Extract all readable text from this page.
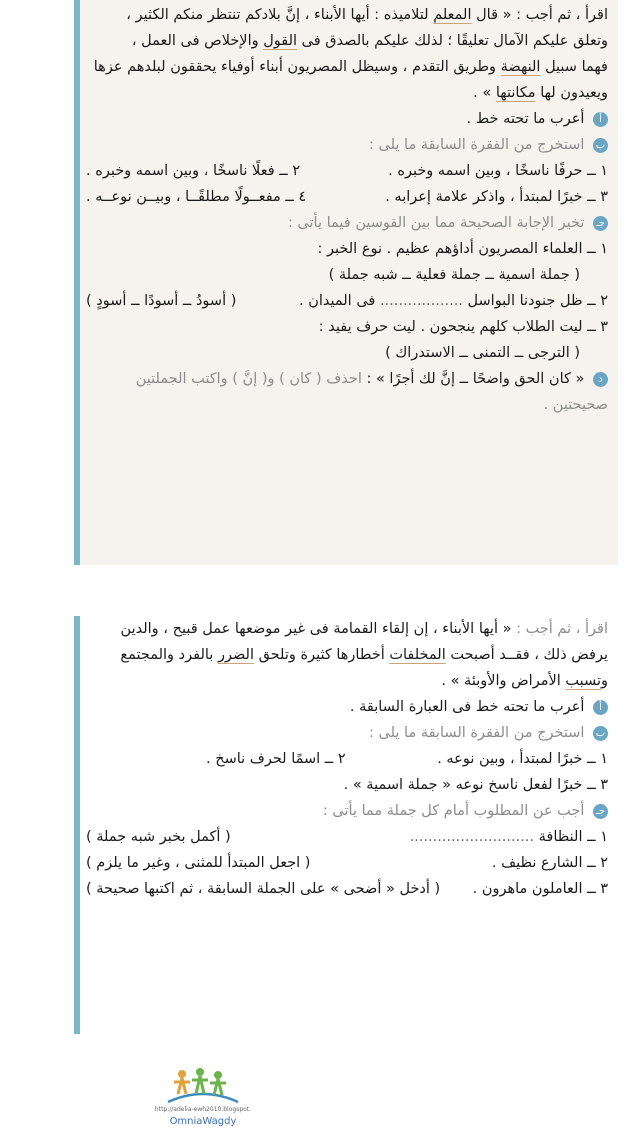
اقرأ ، ثم أجب : « قال المعلم لتلاميذه : أيها الأبناء ، إنَّ بلادكم تنتظر منكم الكثير ،
وتعلق عليكم الآمال تعليقًا ؛ لذلك عليكم بالصدق فى القول والإخلاص فى العمل ،
فهما سبيل النهضة وطريق التقدم ، وسيظل المصريون أبناء أوفياء يحققون لبلدهم عزها
ويعيدون لها مكانتها » .
أ أعرب ما تحته خط .
ب استخرج من الفقرة السابقة ما يلى :
١ ــ حرفًا ناسخًا ، وبين اسمه وخبره .
٢ ــ فعلًا ناسخًا ، وبين اسمه وخبره .
٣ ــ خبرًا لمبتدأ ، واذكر علامة إعرابه .
٤ ــ مفعــولًا مطلقًــا ، وبيــن نوعــه .
جـ تخير الإجابة الصحيحة مما بين القوسين فيما يأتى :
١ ــ العلماء المصريون أداؤهم عظيم . نوع الخبر :
( جملة اسمية ــ جملة فعلية ــ شبه جملة )
٢ ــ ظل جنودنا البواسل .................. فى الميدان .
( أسودُ ــ أسودًا ــ أسودٍ )
٣ ــ ليت الطلاب كلهم ينجحون . ليت حرف يفيد :
( الترجى ــ التمنى ــ الاستدراك )
د « كان الحق واضحًا ــ إنَّ لك أجرًا » : احذف ( كان ) و( إنَّ ) واكتب الجملتين
صحيحتين .
اقرأ ، ثم أجب : « أيها الأبناء ، إن إلقاء القمامة فى غير موضعها عمل قبيح ، والدين
يرفض ذلك ، فقــد أصبحت المخلفات أخطارها كثيرة وتلحق الضرر بالفرد والمجتمع
وتسبب الأمراض والأوبئة » .
أ أعرب ما تحته خط فى العبارة السابقة .
ب استخرج من الفقرة السابقة ما يلى :
١ ــ خبرًا لمبتدأ ، وبين نوعه .
٢ ــ اسمًا لحرف ناسخ .
٣ ــ خبرًا لفعل ناسخ نوعه « جملة اسمية » .
جـ أجب عن المطلوب أمام كل جملة مما يأتى :
١ ــ النظافة ...........................
( أكمل بخبر شبه جملة )
٢ ــ الشارع نظيف .
( اجعل المبتدأ للمثنى ، وغير ما يلزم )
٣ ــ العاملون ماهرون .
( أدخل « أضحى » على الجملة السابقة ، ثم اكتبها صحيحة )
http://adelia-ewh2010.blogspot.
OmniaWagdy
